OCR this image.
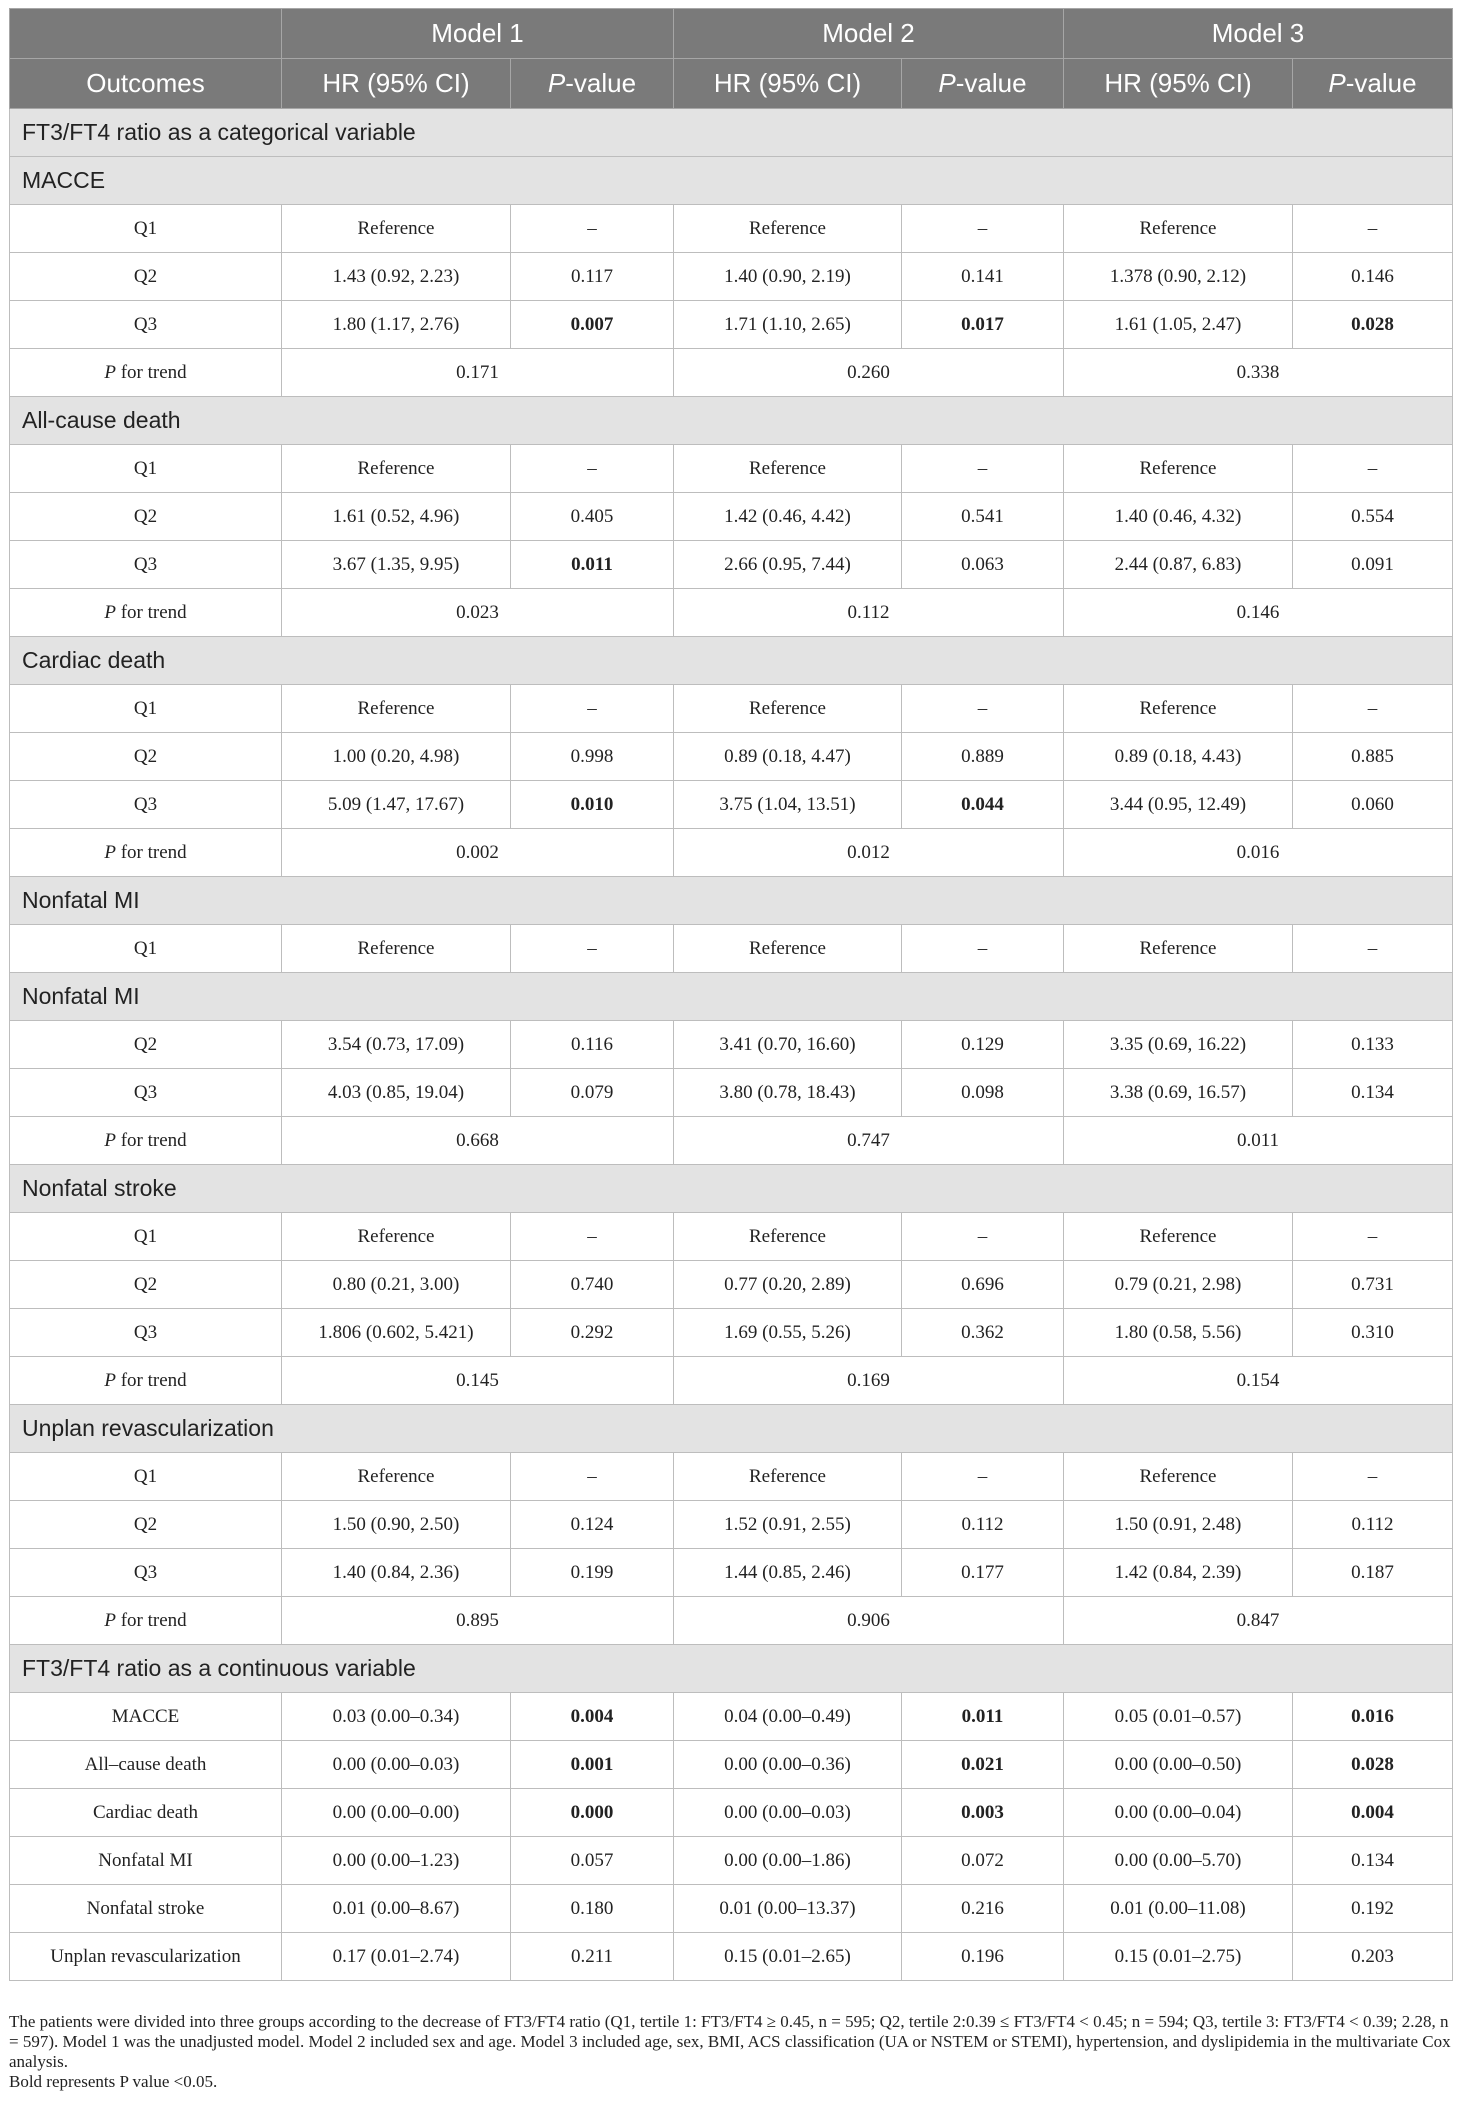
	Model 1		Model 2		Model 3	
Outcomes	HR (95% CI)	P-value	HR (95% CI)	P-value	HR (95% CI)	P-value
FT3/FT4 ratio as a categorical variable						
MACCE						
Q1	Reference	–	Reference	–	Reference	–
Q2	1.43 (0.92, 2.23)	0.117	1.40 (0.90, 2.19)	0.141	1.378 (0.90, 2.12)	0.146
Q3	1.80 (1.17, 2.76)	0.007	1.71 (1.10, 2.65)	0.017	1.61 (1.05, 2.47)	0.028
P for trend	0.171		0.260		0.338	
All-cause death						
Q1	Reference	–	Reference	–	Reference	–
Q2	1.61 (0.52, 4.96)	0.405	1.42 (0.46, 4.42)	0.541	1.40 (0.46, 4.32)	0.554
Q3	3.67 (1.35, 9.95)	0.011	2.66 (0.95, 7.44)	0.063	2.44 (0.87, 6.83)	0.091
P for trend	0.023		0.112		0.146	
Cardiac death						
Q1	Reference	–	Reference	–	Reference	–
Q2	1.00 (0.20, 4.98)	0.998	0.89 (0.18, 4.47)	0.889	0.89 (0.18, 4.43)	0.885
Q3	5.09 (1.47, 17.67)	0.010	3.75 (1.04, 13.51)	0.044	3.44 (0.95, 12.49)	0.060
P for trend	0.002		0.012		0.016	
Nonfatal MI						
Q1	Reference	–	Reference	–	Reference	–
Nonfatal MI						
Q2	3.54 (0.73, 17.09)	0.116	3.41 (0.70, 16.60)	0.129	3.35 (0.69, 16.22)	0.133
Q3	4.03 (0.85, 19.04)	0.079	3.80 (0.78, 18.43)	0.098	3.38 (0.69, 16.57)	0.134
P for trend	0.668		0.747		0.011	
Nonfatal stroke						
Q1	Reference	–	Reference	–	Reference	–
Q2	0.80 (0.21, 3.00)	0.740	0.77 (0.20, 2.89)	0.696	0.79 (0.21, 2.98)	0.731
Q3	1.806 (0.602, 5.421)	0.292	1.69 (0.55, 5.26)	0.362	1.80 (0.58, 5.56)	0.310
P for trend	0.145		0.169		0.154	
Unplan revascularization						
Q1	Reference	–	Reference	–	Reference	–
Q2	1.50 (0.90, 2.50)	0.124	1.52 (0.91, 2.55)	0.112	1.50 (0.91, 2.48)	0.112
Q3	1.40 (0.84, 2.36)	0.199	1.44 (0.85, 2.46)	0.177	1.42 (0.84, 2.39)	0.187
P for trend	0.895		0.906		0.847	
FT3/FT4 ratio as a continuous variable						
MACCE	0.03 (0.00–0.34)	0.004	0.04 (0.00–0.49)	0.011	0.05 (0.01–0.57)	0.016
All–cause death	0.00 (0.00–0.03)	0.001	0.00 (0.00–0.36)	0.021	0.00 (0.00–0.50)	0.028
Cardiac death	0.00 (0.00–0.00)	0.000	0.00 (0.00–0.03)	0.003	0.00 (0.00–0.04)	0.004
Nonfatal MI	0.00 (0.00–1.23)	0.057	0.00 (0.00–1.86)	0.072	0.00 (0.00–5.70)	0.134
Nonfatal stroke	0.01 (0.00–8.67)	0.180	0.01 (0.00–13.37)	0.216	0.01 (0.00–11.08)	0.192
Unplan revascularization	0.17 (0.01–2.74)	0.211	0.15 (0.01–2.65)	0.196	0.15 (0.01–2.75)	0.203

The patients were divided into three groups according to the decrease of FT3/FT4 ratio (Q1, tertile 1: FT3/FT4 ≥ 0.45, n = 595; Q2, tertile 2:0.39 ≤ FT3/FT4 < 0.45; n = 594; Q3, tertile 3: FT3/FT4 < 0.39; 2.28, n = 597). Model 1 was the unadjusted model. Model 2 included sex and age. Model 3 included age, sex, BMI, ACS classification (UA or NSTEM or STEMI), hypertension, and dyslipidemia in the multivariate Cox analysis.

Bold represents P value <0.05.
